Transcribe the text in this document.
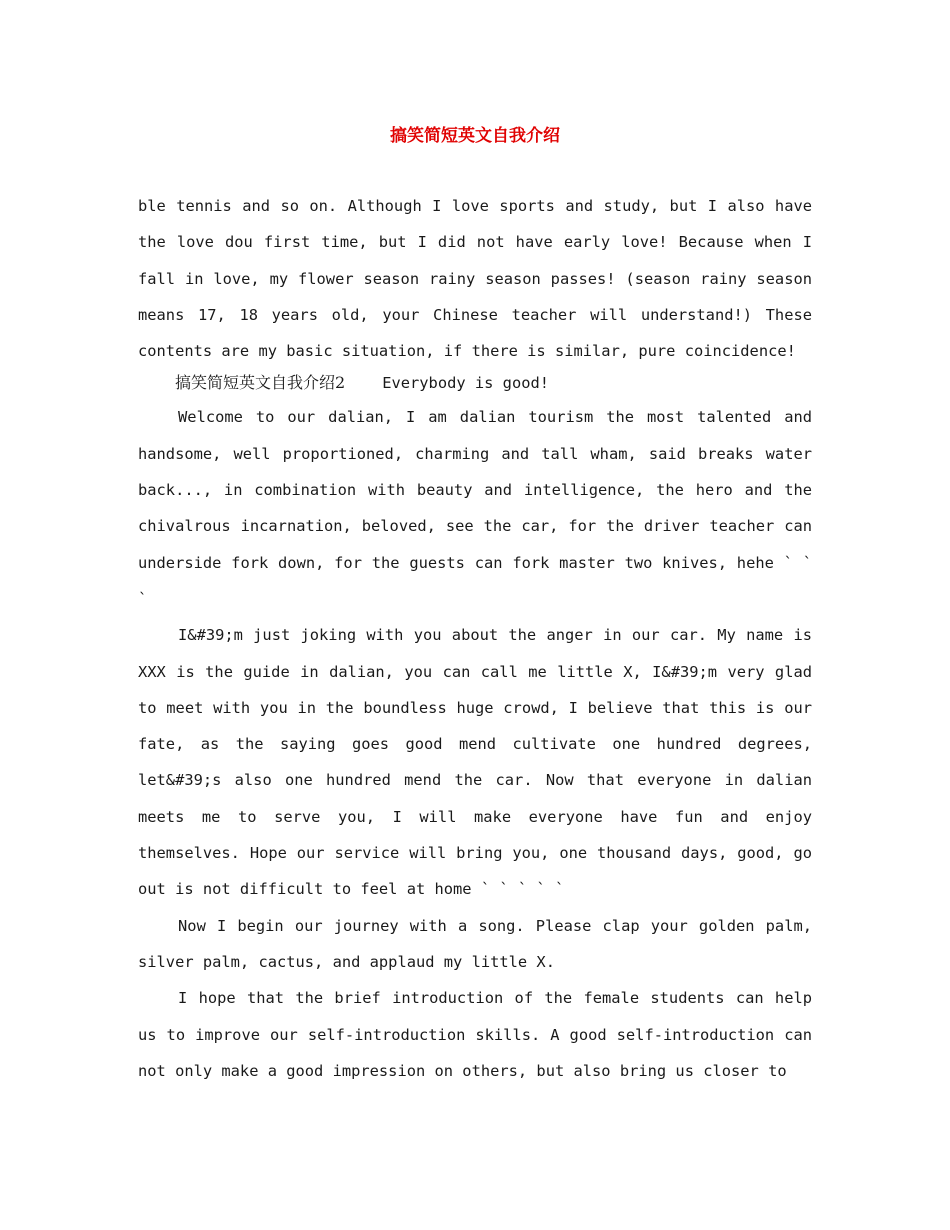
搞笑简短英文自我介绍

ble tennis and so on. Although I love sports and study, but I also have the love dou first time, but I did not have early love! Because when I fall in love, my flower season rainy season passes! (season rainy season means 17, 18 years old, your Chinese teacher will understand!) These contents are my basic situation, if there is similar, pure coincidence!

搞笑简短英文自我介绍2 Everybody is good!

Welcome to our dalian, I am dalian tourism the most talented and handsome, well proportioned, charming and tall wham, said breaks water back..., in combination with beauty and intelligence, the hero and the chivalrous incarnation, beloved, see the car, for the driver teacher can underside fork down, for the guests can fork master two knives, hehe ` ` `

I&#39;m just joking with you about the anger in our car. My name is XXX is the guide in dalian, you can call me little X, I&#39;m very glad to meet with you in the boundless huge crowd, I believe that this is our fate, as the saying goes good mend cultivate one hundred degrees, let&#39;s also one hundred mend the car. Now that everyone in dalian meets me to serve you, I will make everyone have fun and enjoy themselves. Hope our service will bring you, one thousand days, good, go out is not difficult to feel at home ` ` ` ` `

Now I begin our journey with a song. Please clap your golden palm, silver palm, cactus, and applaud my little X.

I hope that the brief introduction of the female students can help us to improve our self-introduction skills. A good self-introduction can not only make a good impression on others, but also bring us closer to
